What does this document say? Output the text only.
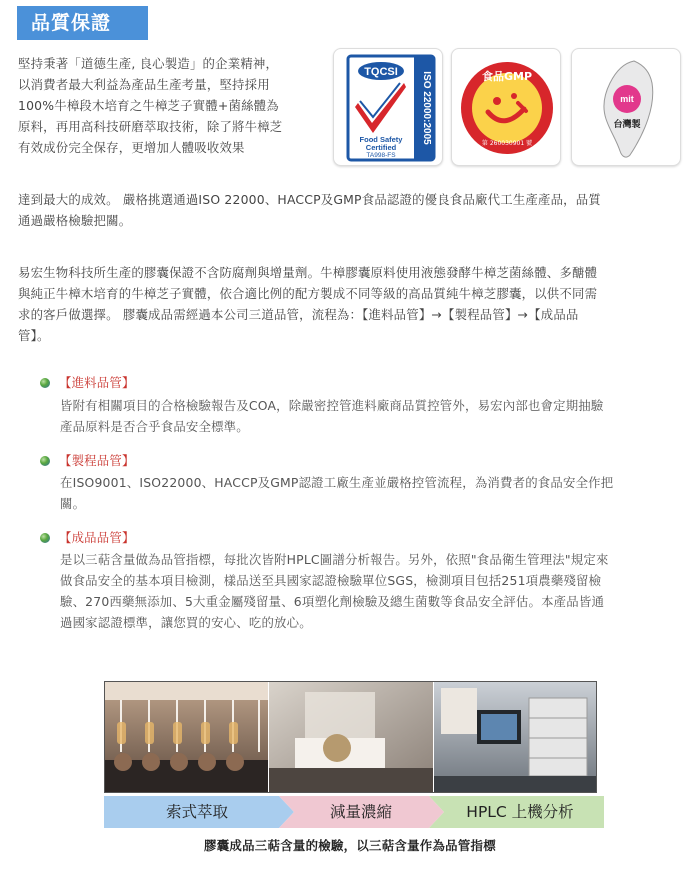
品質保證
堅持秉著「道德生產, 良心製造」的企業精神，
以消費者最大利益為產品生產考量，堅持採用
100%牛樟段木培育之牛樟芝子實體+菌絲體為
原料，再用高科技研磨萃取技術，除了將牛樟芝
有效成份完全保存，更增加人體吸收效果
ISO 22000:2005
TQCSI
Food Safety
Certified
TA998-FS
食品GMP
第 260030901 號
mit
台灣製
達到最大的成效。 嚴格挑選通過ISO 22000、HACCP及GMP食品認證的優良食品廠代工生產產品，品質
通過嚴格檢驗把關。
易宏生物科技所生產的膠囊保證不含防腐劑與增量劑。牛樟膠囊原料使用液態發酵牛樟芝菌絲體、多醣體
與純正牛樟木培育的牛樟芝子實體，依合適比例的配方製成不同等級的高品質純牛樟芝膠囊，以供不同需
求的客戶做選擇。 膠囊成品需經過本公司三道品管，流程為：【進料品管】→【製程品管】→【成品品
管】。
【進料品管】
皆附有相關項目的合格檢驗報告及COA，除嚴密控管進料廠商品質控管外，易宏內部也會定期抽驗
產品原料是否合乎食品安全標準。
【製程品管】
在ISO9001、ISO22000、HACCP及GMP認證工廠生產並嚴格控管流程，為消費者的食品安全作把
關。
【成品品管】
是以三萜含量做為品管指標，每批次皆附HPLC圖譜分析報告。另外，依照"食品衛生管理法"規定來
做食品安全的基本項目檢測，樣品送至具國家認證檢驗單位SGS，檢測項目包括251項農藥殘留檢
驗、270西藥無添加、5大重金屬殘留量、6項塑化劑檢驗及總生菌數等食品安全評估。本產品皆通
過國家認證標準，讓您買的安心、吃的放心。
索式萃取	減量濃縮	HPLC 上機分析
膠囊成品三萜含量的檢驗，以三萜含量作為品管指標
